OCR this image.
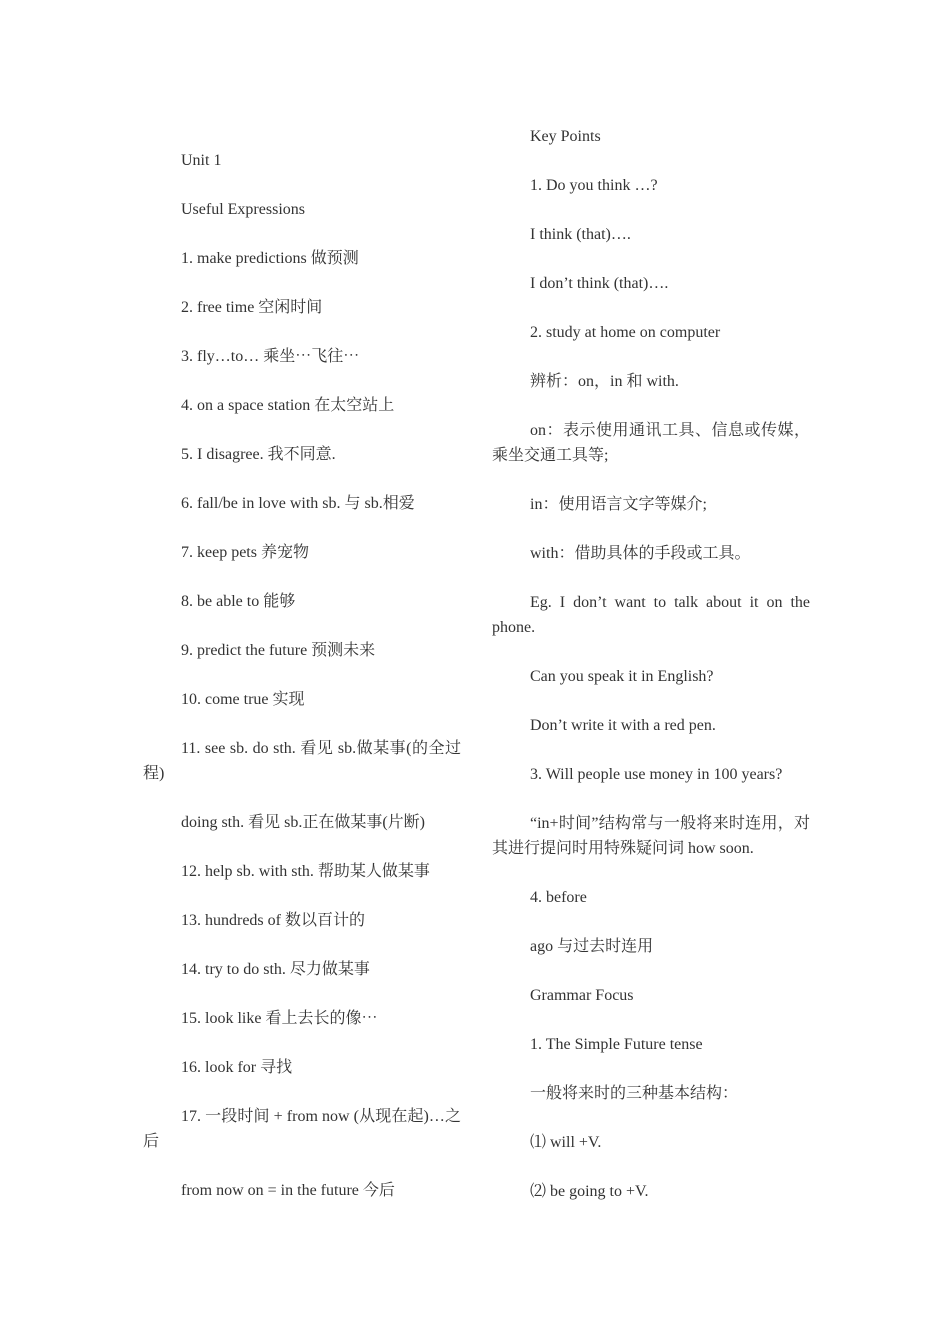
Unit 1

Useful Expressions

1. make predictions 做预测

2. free time 空闲时间

3. fly…to… 乘坐⋯飞往⋯

4. on a space station 在太空站上

5. I disagree. 我不同意.

6. fall/be in love with sb. 与 sb.相爱

7. keep pets 养宠物

8. be able to 能够

9. predict the future 预测未来

10. come true 实现

11. see sb. do sth. 看见 sb.做某事(的全过程)

doing sth. 看见 sb.正在做某事(片断)

12. help sb. with sth. 帮助某人做某事

13. hundreds of 数以百计的

14. try to do sth. 尽力做某事

15. look like 看上去长的像⋯

16. look for 寻找

17. 一段时间 + from now (从现在起)…之后

from now on = in the future 今后

Key Points

1. Do you think …?

I think (that)….

I don’t think (that)….

2. study at home on computer

辨析：on，in 和 with.

on：表示使用通讯工具、信息或传媒，乘坐交通工具等;

in：使用语言文字等媒介;

with：借助具体的手段或工具。

Eg. I don’t want to talk about it on the phone.

Can you speak it in English?

Don’t write it with a red pen.

3. Will people use money in 100 years?

“in+时间”结构常与一般将来时连用，对其进行提问时用特殊疑问词 how soon.

4. before

ago 与过去时连用

Grammar Focus

1. The Simple Future tense

一般将来时的三种基本结构：

⑴ will +V.

⑵ be going to +V.
